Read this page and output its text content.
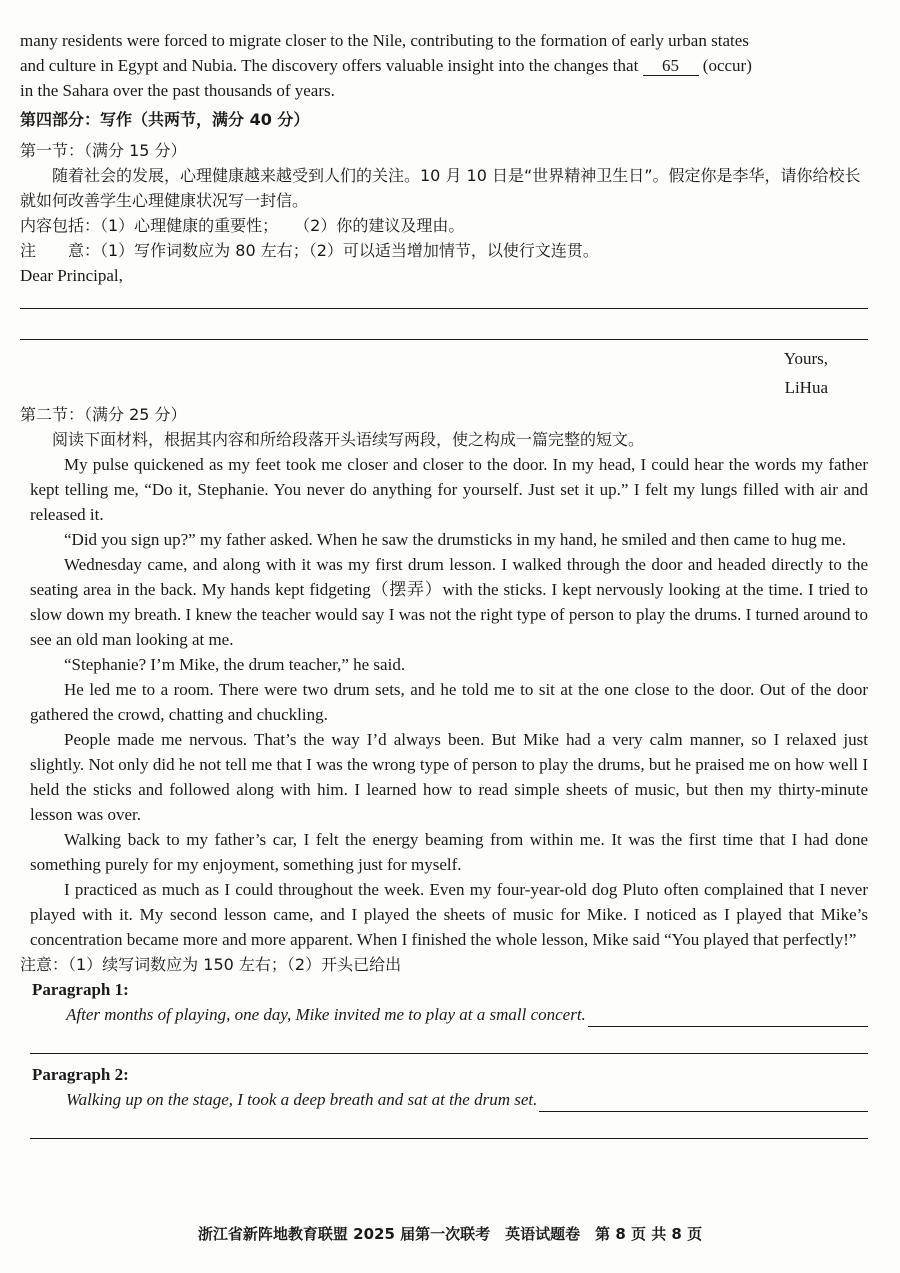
many residents were forced to migrate closer to the Nile, contributing to the formation of early urban states

and culture in Egypt and Nubia. The discovery offers valuable insight into the changes that 65 (occur)

in the Sahara over the past thousands of years.

第四部分：写作（共两节，满分 40 分）

第一节：（满分 15 分）

随着社会的发展，心理健康越来越受到人们的关注。10 月 10 日是“世界精神卫生日”。假定你是李华，请你给校长就如何改善学生心理健康状况写一封信。

内容包括：（1）心理健康的重要性；　　（2）你的建议及理由。

注　　意：（1）写作词数应为 80 左右；（2）可以适当增加情节，以使行文连贯。

Dear Principal,

Yours,

LiHua

第二节：（满分 25 分）

阅读下面材料，根据其内容和所给段落开头语续写两段，使之构成一篇完整的短文。

My pulse quickened as my feet took me closer and closer to the door. In my head, I could hear the words my father kept telling me, “Do it, Stephanie. You never do anything for yourself. Just set it up.” I felt my lungs filled with air and released it.

“Did you sign up?” my father asked. When he saw the drumsticks in my hand, he smiled and then came to hug me.

Wednesday came, and along with it was my first drum lesson. I walked through the door and headed directly to the seating area in the back. My hands kept fidgeting（摆弄）with the sticks. I kept nervously looking at the time. I tried to slow down my breath. I knew the teacher would say I was not the right type of person to play the drums. I turned around to see an old man looking at me.

“Stephanie? I’m Mike, the drum teacher,” he said.

He led me to a room. There were two drum sets, and he told me to sit at the one close to the door. Out of the door gathered the crowd, chatting and chuckling.

People made me nervous. That’s the way I’d always been. But Mike had a very calm manner, so I relaxed just slightly. Not only did he not tell me that I was the wrong type of person to play the drums, but he praised me on how well I held the sticks and followed along with him. I learned how to read simple sheets of music, but then my thirty-minute lesson was over.

Walking back to my father’s car, I felt the energy beaming from within me. It was the first time that I had done something purely for my enjoyment, something just for myself.

I practiced as much as I could throughout the week. Even my four-year-old dog Pluto often complained that I never played with it. My second lesson came, and I played the sheets of music for Mike. I noticed as I played that Mike’s concentration became more and more apparent. When I finished the whole lesson, Mike said “You played that perfectly!”

注意：（1）续写词数应为 150 左右；（2）开头已给出

Paragraph 1:

After months of playing, one day, Mike invited me to play at a small concert.

Paragraph 2:

Walking up on the stage, I took a deep breath and sat at the drum set.
浙江省新阵地教育联盟 2025 届第一次联考　英语试题卷　第 8 页 共 8 页
